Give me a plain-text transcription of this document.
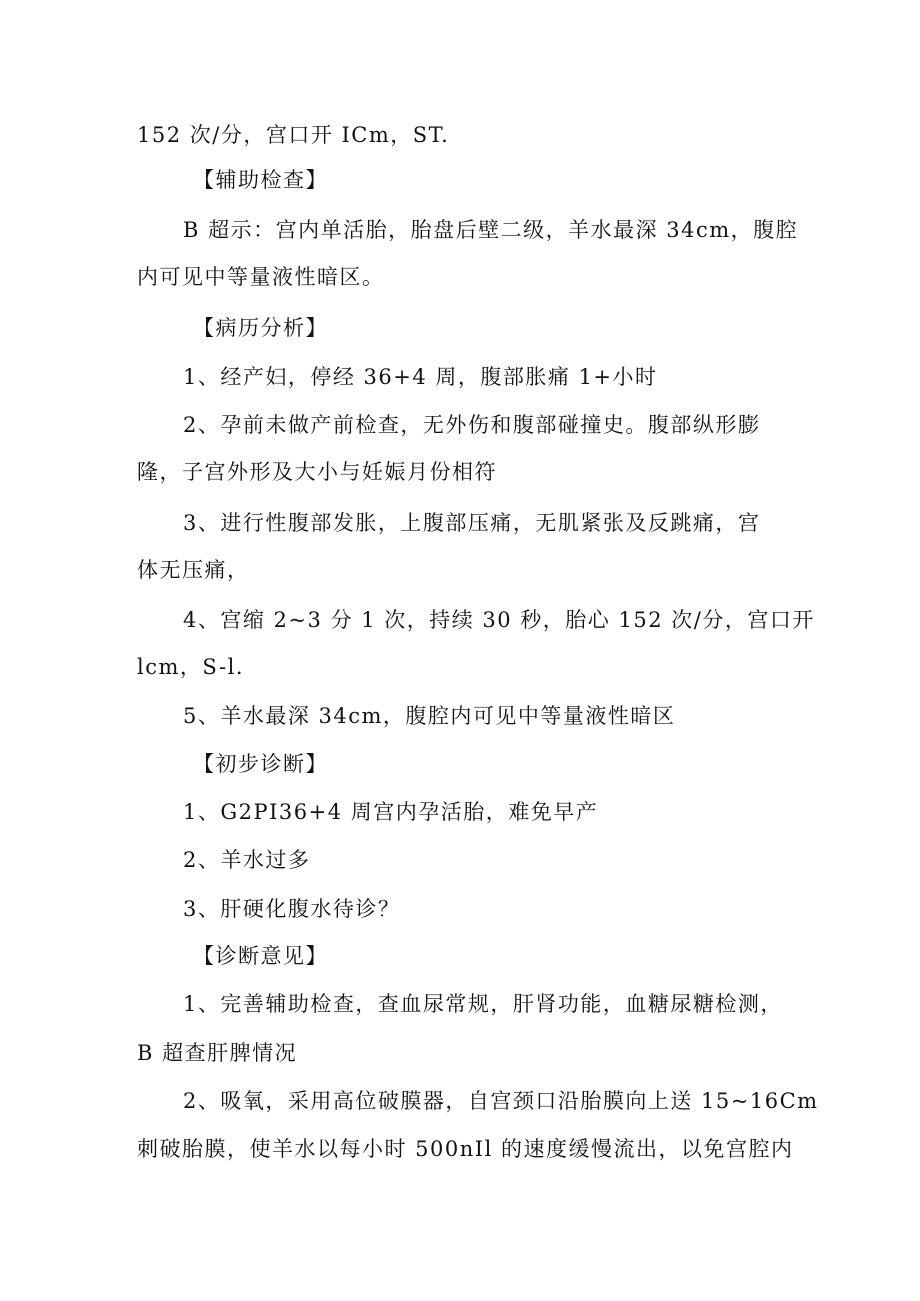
152 次/分，宫口开 ICm，ST.
【辅助检查】
B 超示：宫内单活胎，胎盘后壁二级，羊水最深 34cm，腹腔
内可见中等量液性暗区。
【病历分析】
1、经产妇，停经 36+4 周，腹部胀痛 1+小时
2、孕前未做产前检查，无外伤和腹部碰撞史。腹部纵形膨
隆，子宫外形及大小与妊娠月份相符
3、进行性腹部发胀，上腹部压痛，无肌紧张及反跳痛，宫
体无压痛，
4、宫缩 2~3 分 1 次，持续 30 秒，胎心 152 次/分，宫口开
lcm，S-l.
5、羊水最深 34cm，腹腔内可见中等量液性暗区
【初步诊断】
1、G2PI36+4 周宫内孕活胎，难免早产
2、羊水过多
3、肝硬化腹水待诊？
【诊断意见】
1、完善辅助检查，查血尿常规，肝肾功能，血糖尿糖检测，
B 超查肝脾情况
2、吸氧，采用高位破膜器，自宫颈口沿胎膜向上送 15~16Cm
刺破胎膜，使羊水以每小时 500nIl 的速度缓慢流出，以免宫腔内
